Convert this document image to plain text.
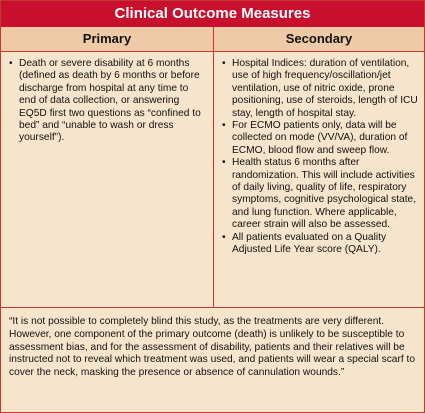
Clinical Outcome Measures
Primary	Secondary
• Death or severe disability at 6 months (defined as death by 6 months or before discharge from hospital at any time to end of data collection, or answering EQ5D first two questions as “confined to bed” and “unable to wash or dress yourself”).
• Hospital Indices: duration of ventilation, use of high frequency/oscillation/jet ventilation, use of nitric oxide, prone positioning, use of steroids, length of ICU stay, length of hospital stay.
• For ECMO patients only, data will be collected on mode (VV/VA), duration of ECMO, blood flow and sweep flow.
• Health status 6 months after randomization. This will include activities of daily living, quality of life, respiratory symptoms, cognitive psychological state, and lung function. Where applicable, career strain will also be assessed.
• All patients evaluated on a Quality Adjusted Life Year score (QALY).
“It is not possible to completely blind this study, as the treatments are very different. However, one component of the primary outcome (death) is unlikely to be susceptible to assessment bias, and for the assessment of disability, patients and their relatives will be instructed not to reveal which treatment was used, and patients will wear a special scarf to cover the neck, masking the presence or absence of cannulation wounds.”
